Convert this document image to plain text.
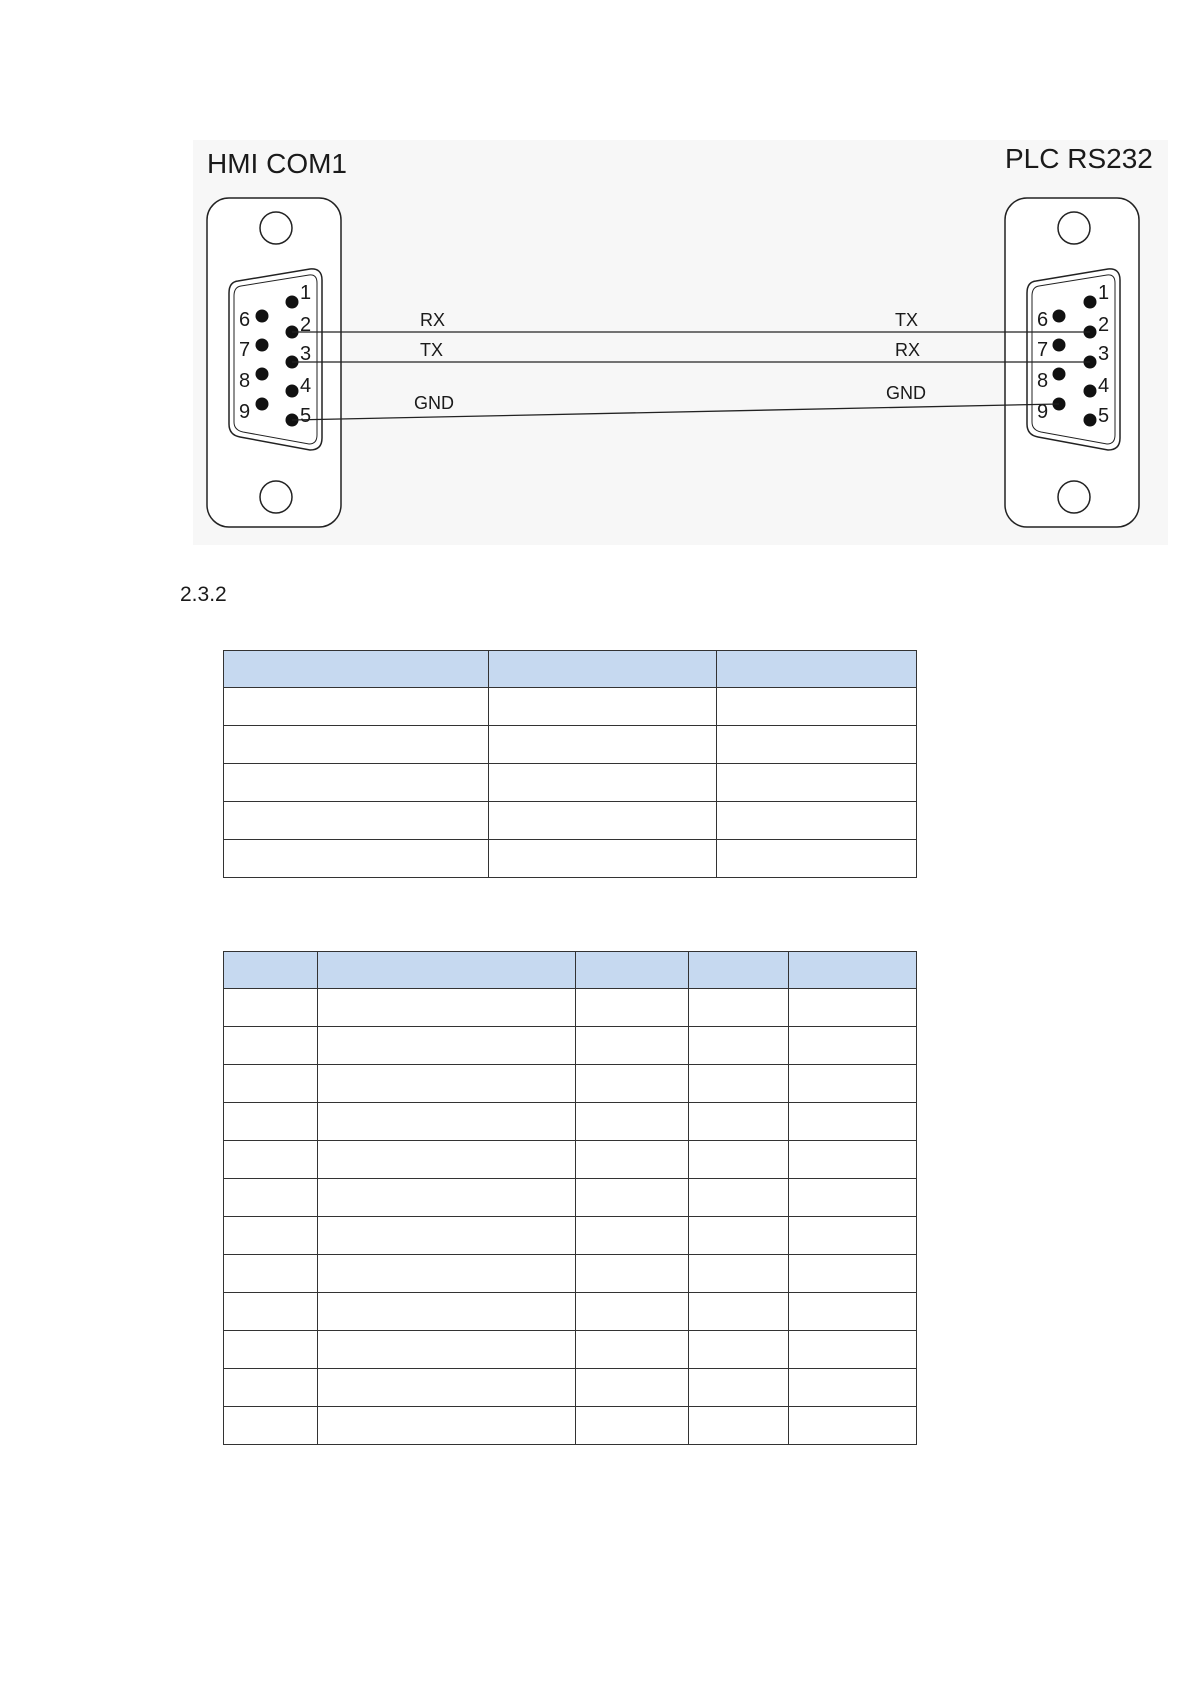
HMI COM1	PLC RS232
1
2
3
4
5
6
7
8
9
1
2
3
4
5
6
7
8
9
RX	TX
TX	RX
GND	GND
2.3.2
